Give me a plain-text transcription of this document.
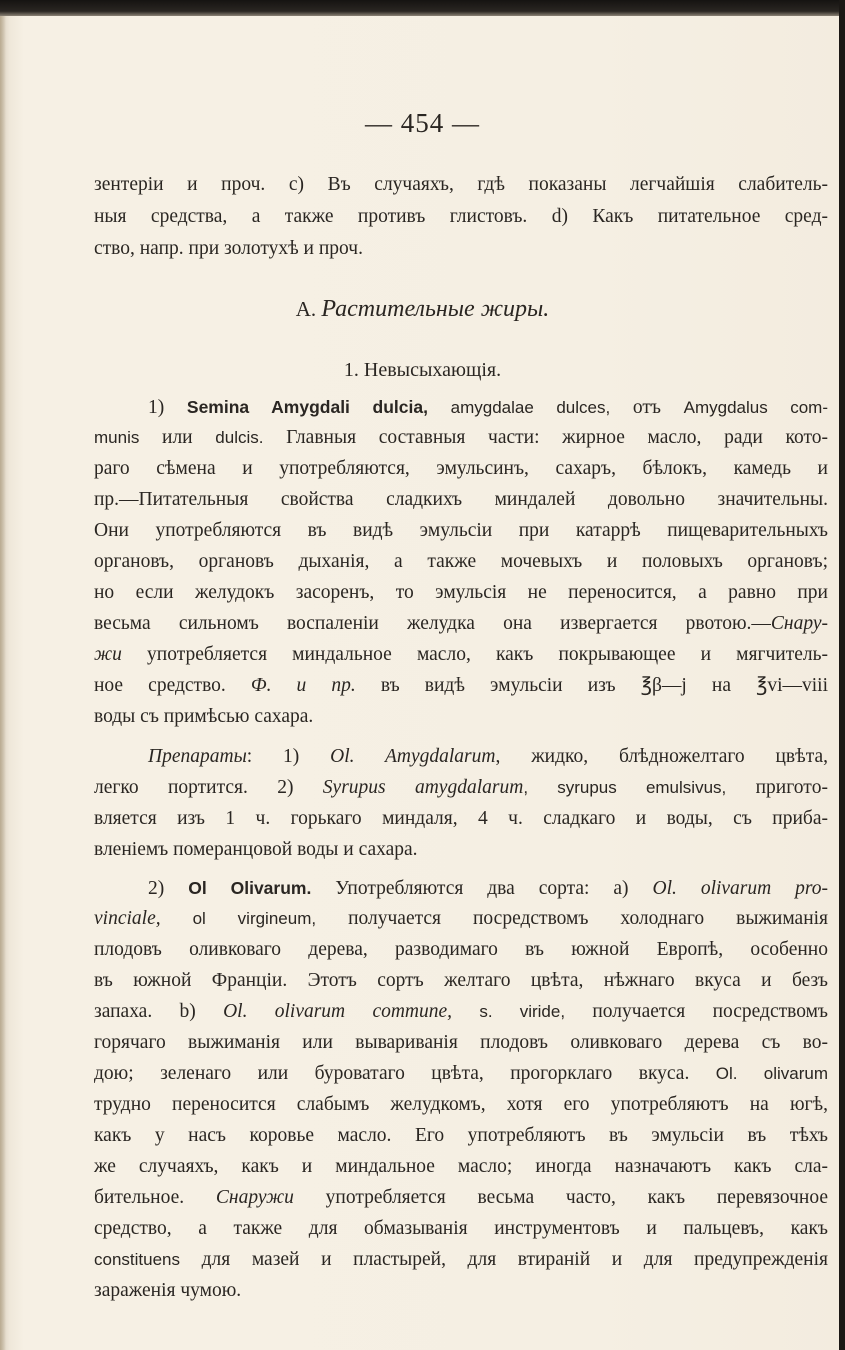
— 454 —
зентеріи и проч. с) Въ случаяхъ, гдѣ показаны легчайшія слабитель-
ныя средства, а также противъ глистовъ. d) Какъ питательное сред-
ство, напр. при золотухѣ и проч.
A. Растительные жиры.
1. Невысыхающія.
1) Semina Amygdali dulcia, amygdalae dulces, отъ Amygdalus com-
munis или dulcis. Главныя составныя части: жирное масло, ради кото-
раго сѣмена и употребляются, эмульсинъ, сахаръ, бѣлокъ, камедь и
пр.—Питательныя свойства сладкихъ миндалей довольно значительны.
Они употребляются въ видѣ эмульсіи при катаррѣ пищеварительныхъ
органовъ, органовъ дыханія, а также мочевыхъ и половыхъ органовъ;
но если желудокъ засоренъ, то эмульсія не переносится, а равно при
весьма сильномъ воспаленіи желудка она извергается рвотою.—Снару-
жи употребляется миндальное масло, какъ покрывающее и мягчитель-
ное средство. Ф. и пр. въ видѣ эмульсіи изъ ℥β—j на ℥vi—viii
воды съ примѣсью сахара.
Препараты: 1) Ol. Amygdalarum, жидко, блѣдножелтаго цвѣта,
легко портится. 2) Syrupus amygdalarum, syrupus emulsivus, приготo-
вляется изъ 1 ч. горькаго миндаля, 4 ч. сладкаго и воды, съ приба-
вленіемъ померанцовой воды и сахара.
2) Ol Olivarum. Употребляются два сорта: а) Ol. olivarum pro-
vinciale, ol virgineum, получается посредствомъ холоднаго выжиманія
плодовъ оливковаго дерева, разводимаго въ южной Европѣ, особенно
въ южной Франціи. Этотъ сортъ желтаго цвѣта, нѣжнаго вкуса и безъ
запаха. b) Ol. olivarum commune, s. viride, получается посредствомъ
горячаго выжиманія или вывариванія плодовъ оливковаго дерева съ во-
дою; зеленаго или буроватаго цвѣта, прогорклаго вкуса. Ol. olivarum
трудно переносится слабымъ желудкомъ, хотя его употребляютъ на югѣ,
какъ у насъ коровье масло. Его употребляютъ въ эмульсіи въ тѣхъ
же случаяхъ, какъ и миндальное масло; иногда назначаютъ какъ сла-
бительное. Снаружи употребляется весьма часто, какъ перевязочное
средство, а также для обмазыванія инструментовъ и пальцевъ, какъ
constituens для мазей и пластырей, для втираній и для предупрежденія
зараженія чумою.
